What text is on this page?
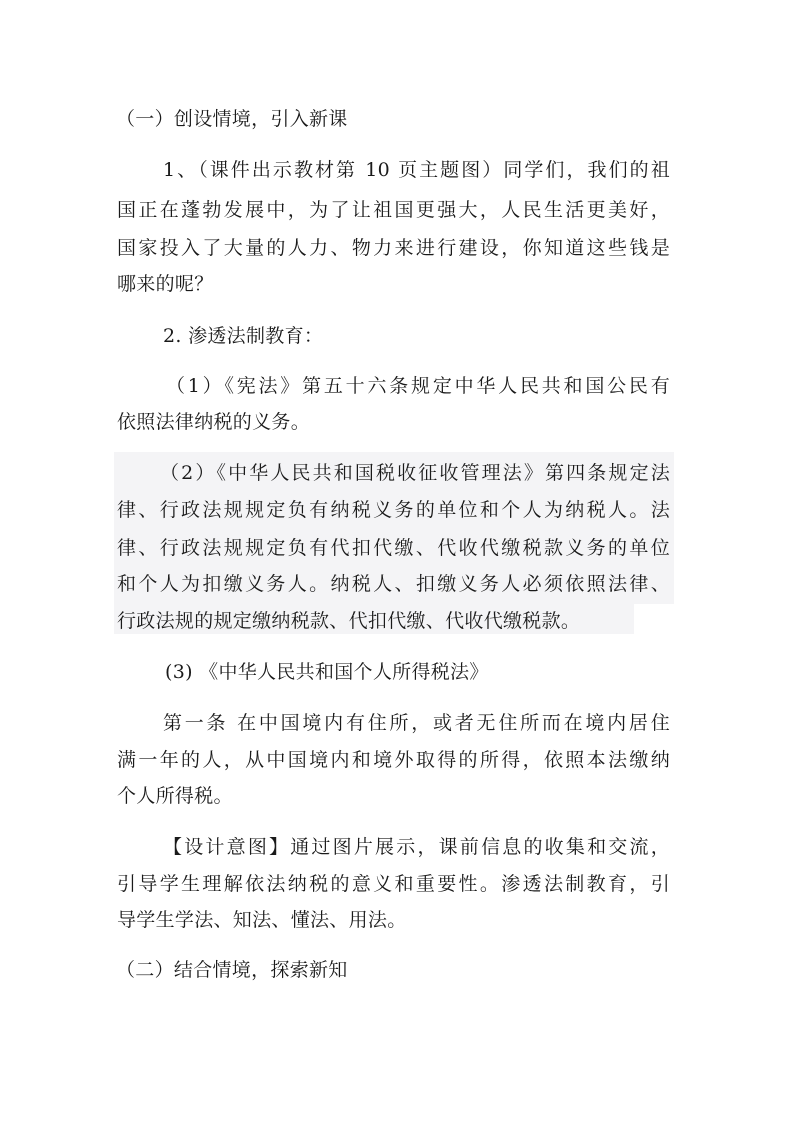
（一）创设情境，引入新课
1、（课件出示教材第 10 页主题图）同学们，我们的祖
国正在蓬勃发展中，为了让祖国更强大，人民生活更美好，
国家投入了大量的人力、物力来进行建设，你知道这些钱是
哪来的呢？
2. 渗透法制教育：
（1）《宪法》第五十六条规定中华人民共和国公民有
依照法律纳税的义务。
（2）《中华人民共和国税收征收管理法》第四条规定法
律、行政法规规定负有纳税义务的单位和个人为纳税人。法
律、行政法规规定负有代扣代缴、代收代缴税款义务的单位
和个人为扣缴义务人。纳税人、扣缴义务人必须依照法律、
行政法规的规定缴纳税款、代扣代缴、代收代缴税款。
(3) 《中华人民共和国个人所得税法》
第一条 在中国境内有住所，或者无住所而在境内居住
满一年的人，从中国境内和境外取得的所得，依照本法缴纳
个人所得税。
【设计意图】通过图片展示，课前信息的收集和交流，
引导学生理解依法纳税的意义和重要性。渗透法制教育，引
导学生学法、知法、懂法、用法。
（二）结合情境，探索新知
